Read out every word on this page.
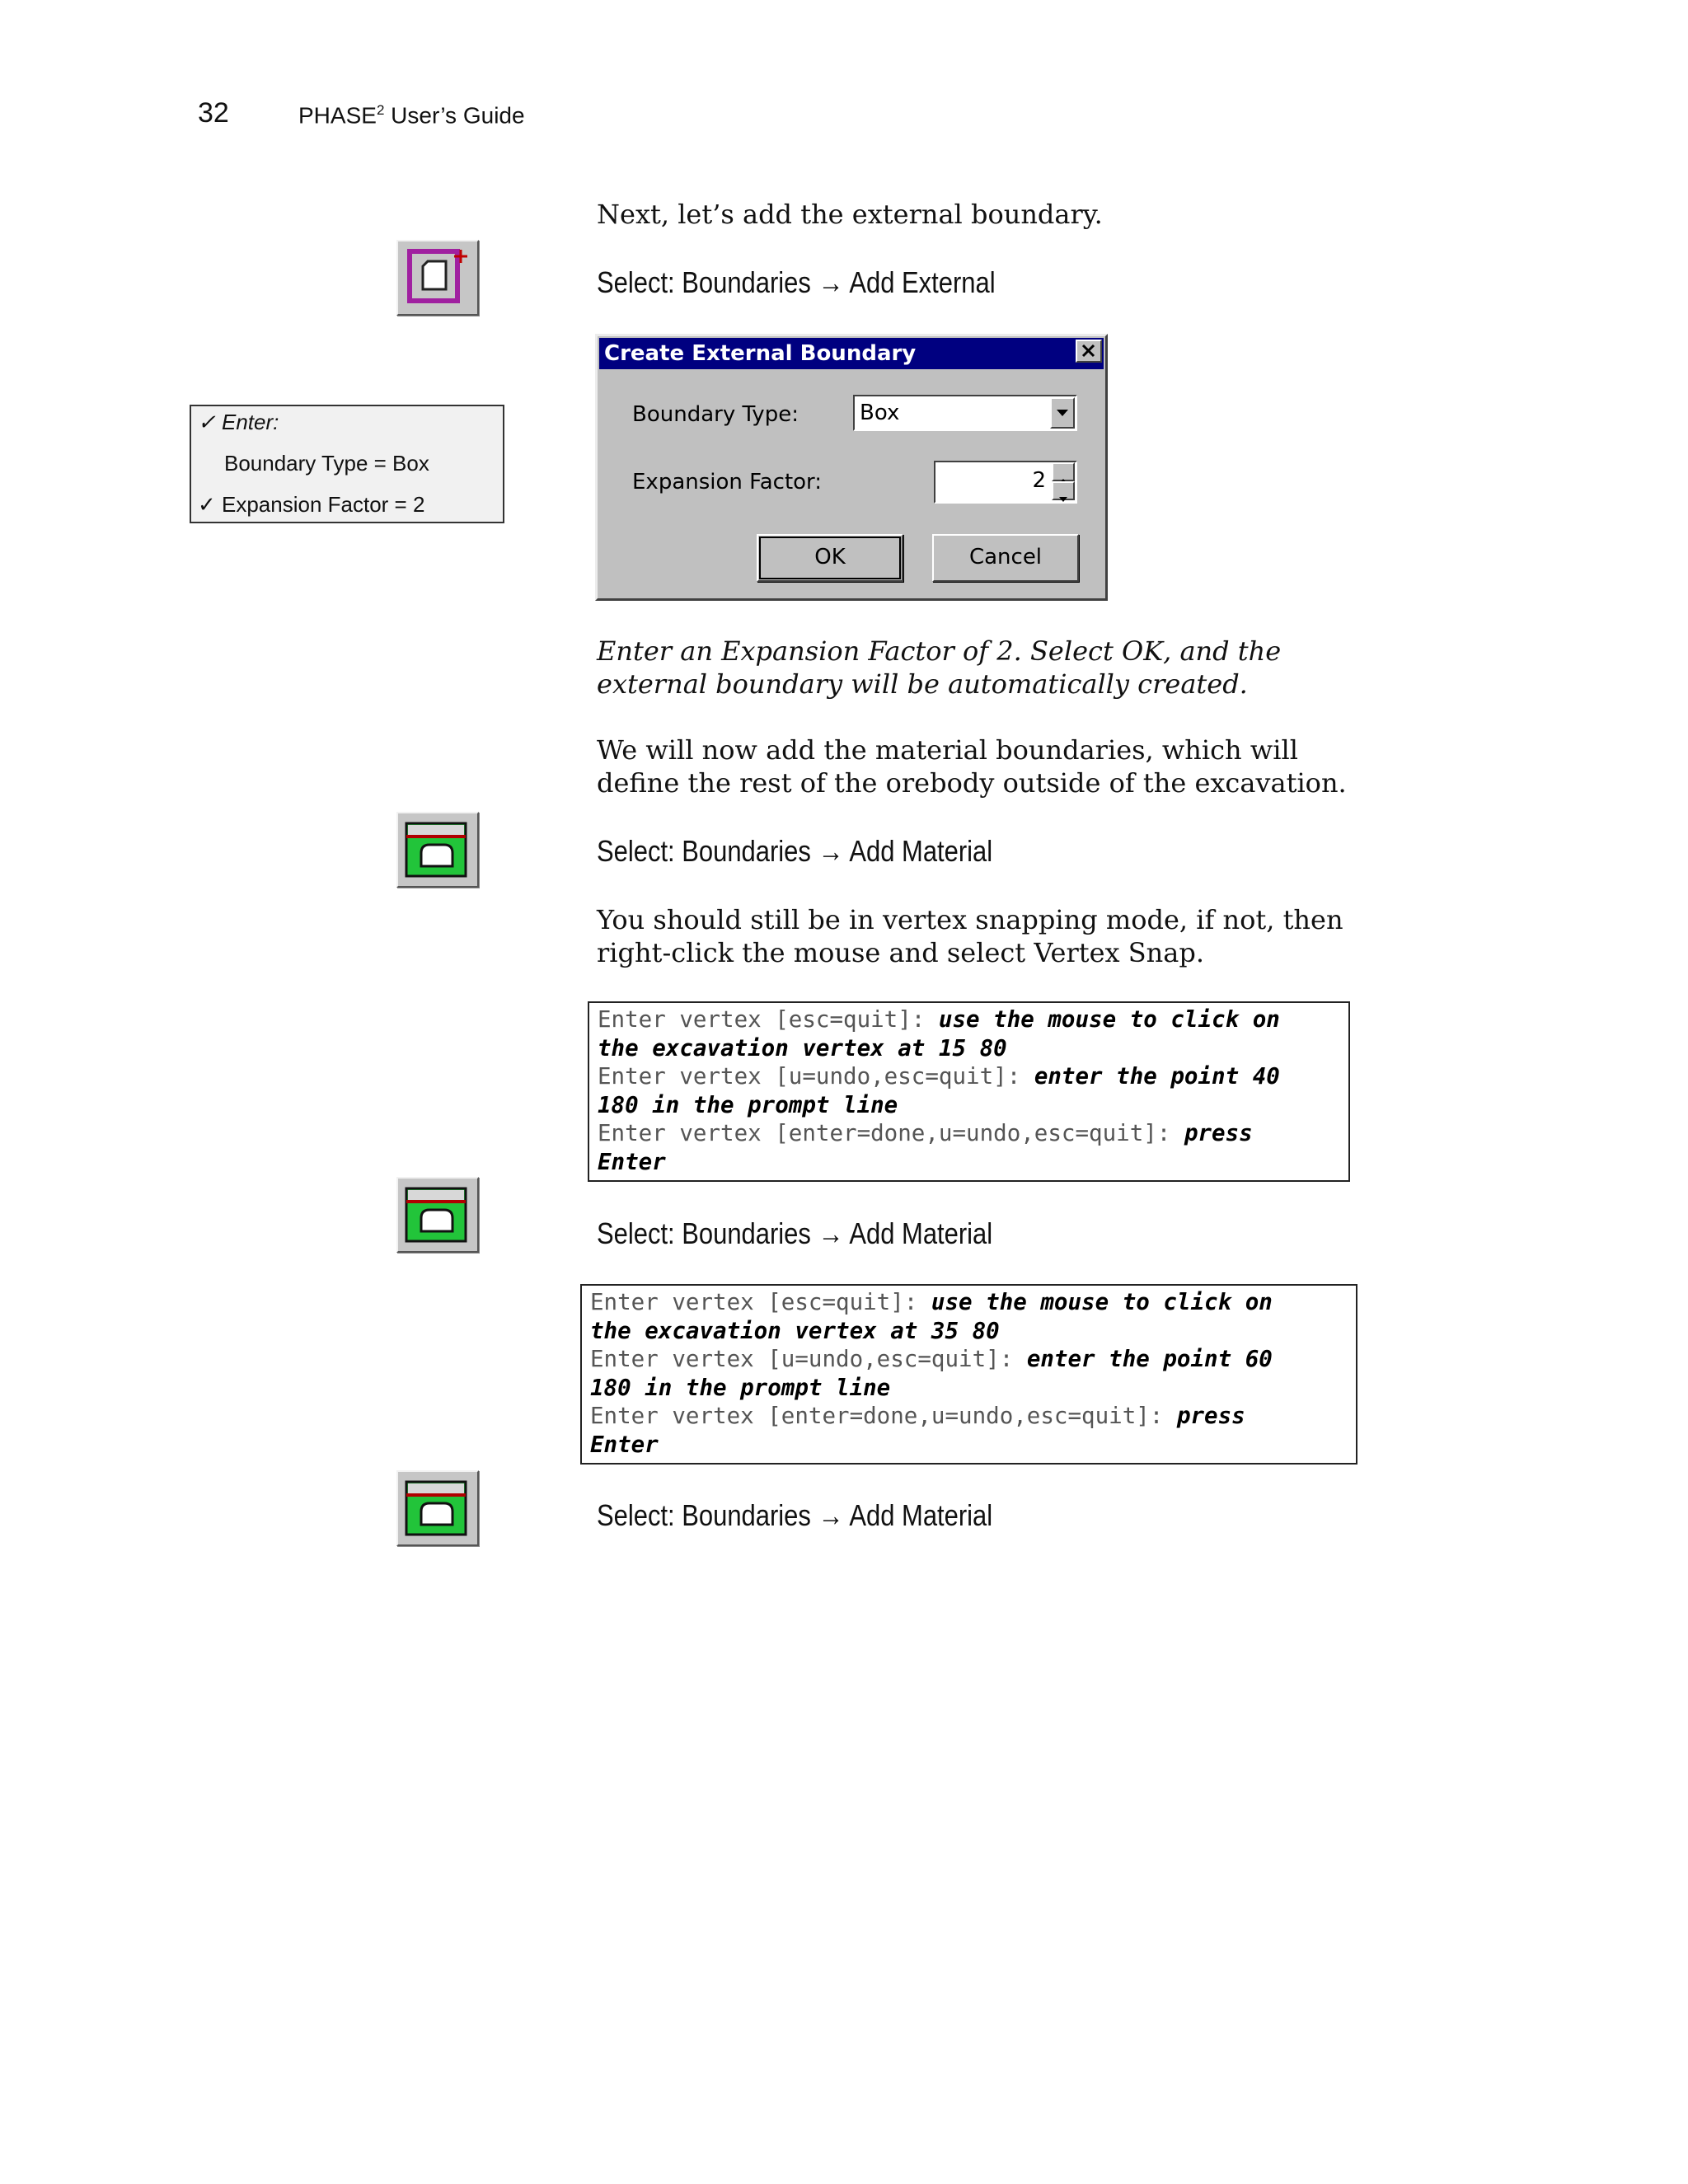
32	PHASE$^2$ User’s Guide
Next, let’s add the external boundary.
Select: Boundaries → Add External
✓ Enter:
Boundary Type = Box
✓ Expansion Factor = 2
Create External Boundary
Boundary Type:	Box
Expansion Factor:	2
OK	Cancel
Enter an Expansion Factor of 2. Select OK, and the
external boundary will be automatically created.
We will now add the material boundaries, which will
define the rest of the orebody outside of the excavation.
Select: Boundaries → Add Material
You should still be in vertex snapping mode, if not, then
right-click the mouse and select Vertex Snap.
Enter vertex [esc=quit]: use the mouse to click on
the excavation vertex at 15 80
Enter vertex [u=undo,esc=quit]: enter the point 40
180 in the prompt line
Enter vertex [enter=done,u=undo,esc=quit]: press
Enter
Select: Boundaries → Add Material
Enter vertex [esc=quit]: use the mouse to click on
the excavation vertex at 35 80
Enter vertex [u=undo,esc=quit]: enter the point 60
180 in the prompt line
Enter vertex [enter=done,u=undo,esc=quit]: press
Enter
Select: Boundaries → Add Material
